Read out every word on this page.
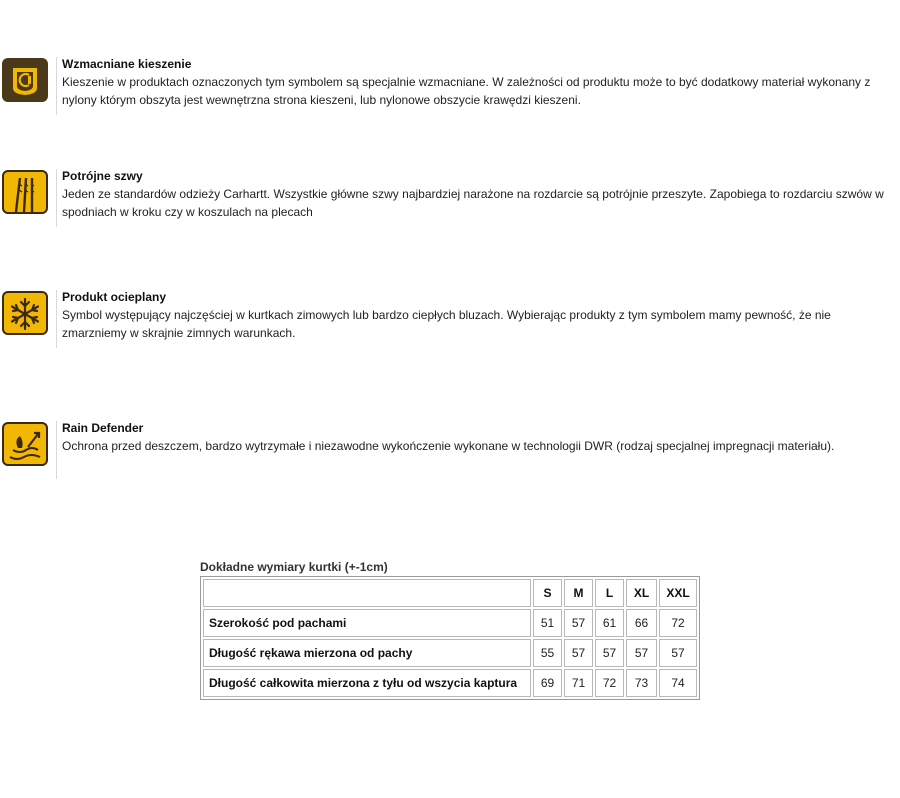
Wzmacniane kieszenie
Kieszenie w produktach oznaczonych tym symbolem są specjalnie wzmacniane. W zależności od produktu może to być dodatkowy materiał wykonany z nylony którym obszyta jest wewnętrzna strona kieszeni, lub nylonowe obszycie krawędzi kieszeni.
Potrójne szwy
Jeden ze standardów odzieży Carhartt. Wszystkie główne szwy najbardziej narażone na rozdarcie są potrójnie przeszyte. Zapobiega to rozdarciu szwów w spodniach w kroku czy w koszulach na plecach
Produkt ocieplany
Symbol występujący najczęściej w kurtkach zimowych lub bardzo ciepłych bluzach. Wybierając produkty z tym symbolem mamy pewność, że nie zmarzniemy w skrajnie zimnych warunkach.
Rain Defender
Ochrona przed deszczem, bardzo wytrzymałe i niezawodne wykończenie wykonane w technologii DWR (rodzaj specjalnej impregnacji materiału).
Dokładne wymiary kurtki (+-1cm)
	S	M	L	XL	XXL
Szerokość pod pachami	51	57	61	66	72
Długość rękawa mierzona od pachy	55	57	57	57	57
Długość całkowita mierzona z tyłu od wszycia kaptura	69	71	72	73	74
